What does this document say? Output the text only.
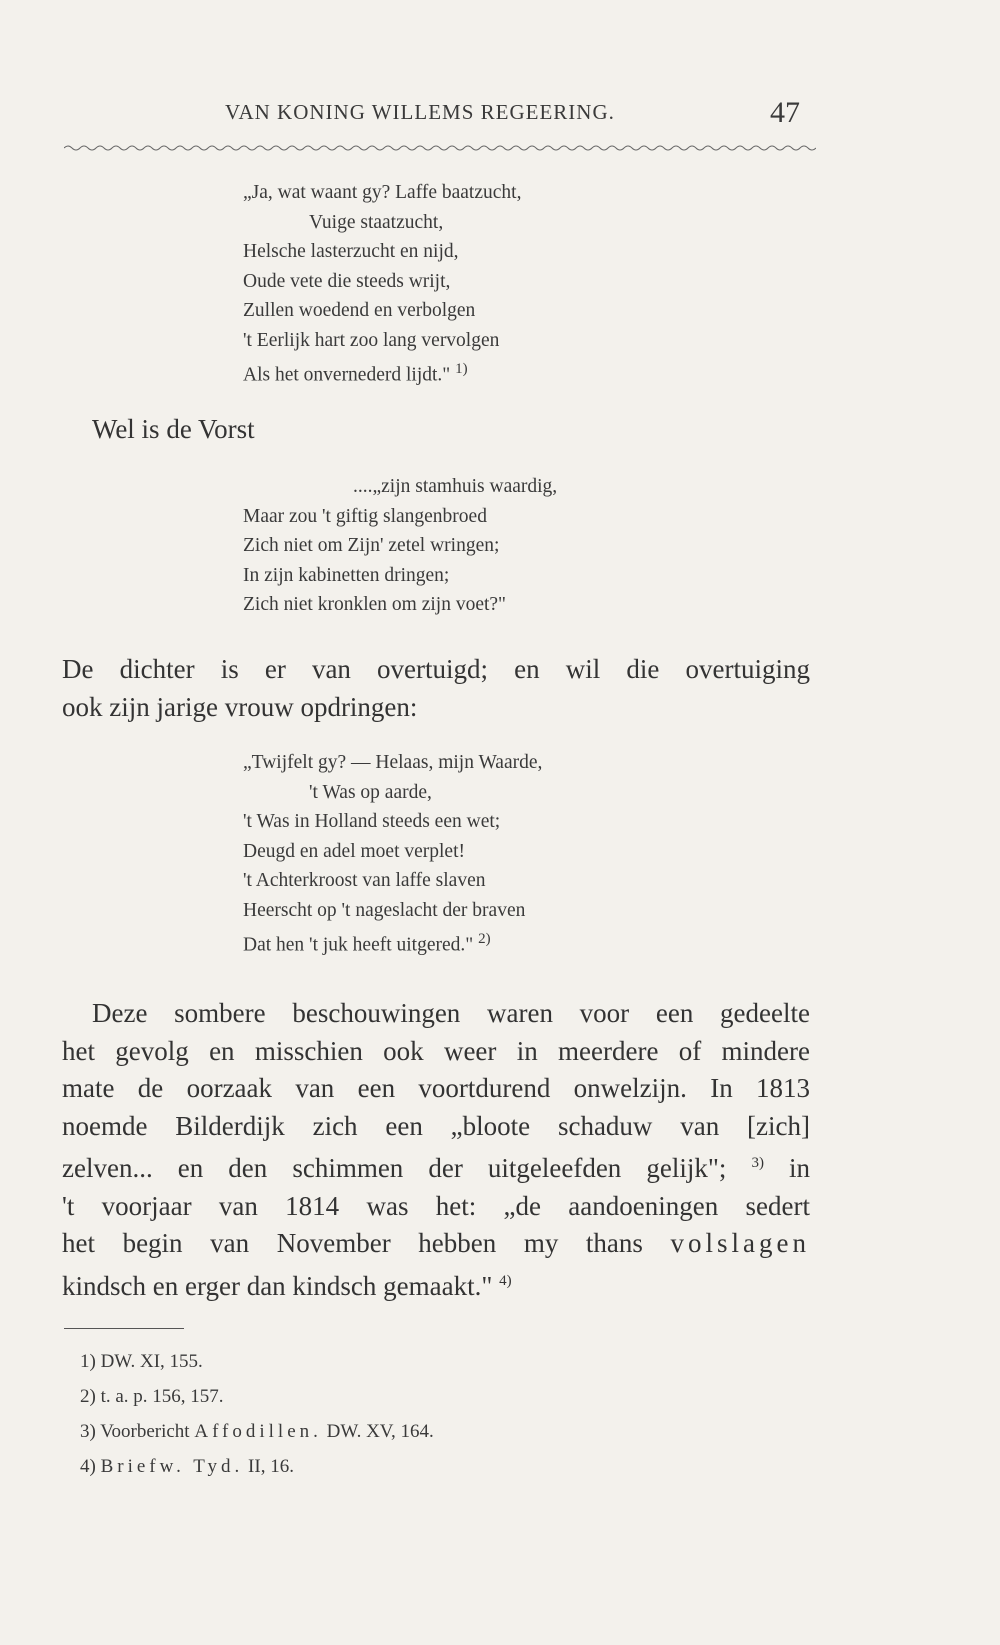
VAN KONING WILLEMS REGEERING.	47
„Ja, wat waant gy? Laffe baatzucht,
Vuige staatzucht,
Helsche lasterzucht en nijd,
Oude vete die steeds wrijt,
Zullen woedend en verbolgen
't Eerlijk hart zoo lang vervolgen
Als het onvernederd lijdt." $^{1)}$
Wel is de Vorst
....„zijn stamhuis waardig,
Maar zou 't giftig slangenbroed
Zich niet om Zijn' zetel wringen;
In zijn kabinetten dringen;
Zich niet kronklen om zijn voet?"
De dichter is er van overtuigd; en wil die overtuiging
ook zijn jarige vrouw opdringen:
„Twijfelt gy? — Helaas, mijn Waarde,
't Was op aarde,
't Was in Holland steeds een wet;
Deugd en adel moet verplet!
't Achterkroost van laffe slaven
Heerscht op 't nageslacht der braven
Dat hen 't juk heeft uitgered." $^{2)}$
Deze sombere beschouwingen waren voor een gedeelte
het gevolg en misschien ook weer in meerdere of mindere
mate de oorzaak van een voortdurend onwelzijn. In 1813
noemde Bilderdijk zich een „bloote schaduw van [zich]
zelven... en den schimmen der uitgeleefden gelijk"; $^{3)}$ in
't voorjaar van 1814 was het: „de aandoeningen sedert
het begin van November hebben my thans volslagen
kindsch en erger dan kindsch gemaakt." $^{4)}$
1) DW. XI, 155.
2) t. a. p. 156, 157.
3) Voorbericht Affodillen. DW. XV, 164.
4) Briefw. Tyd. II, 16.
